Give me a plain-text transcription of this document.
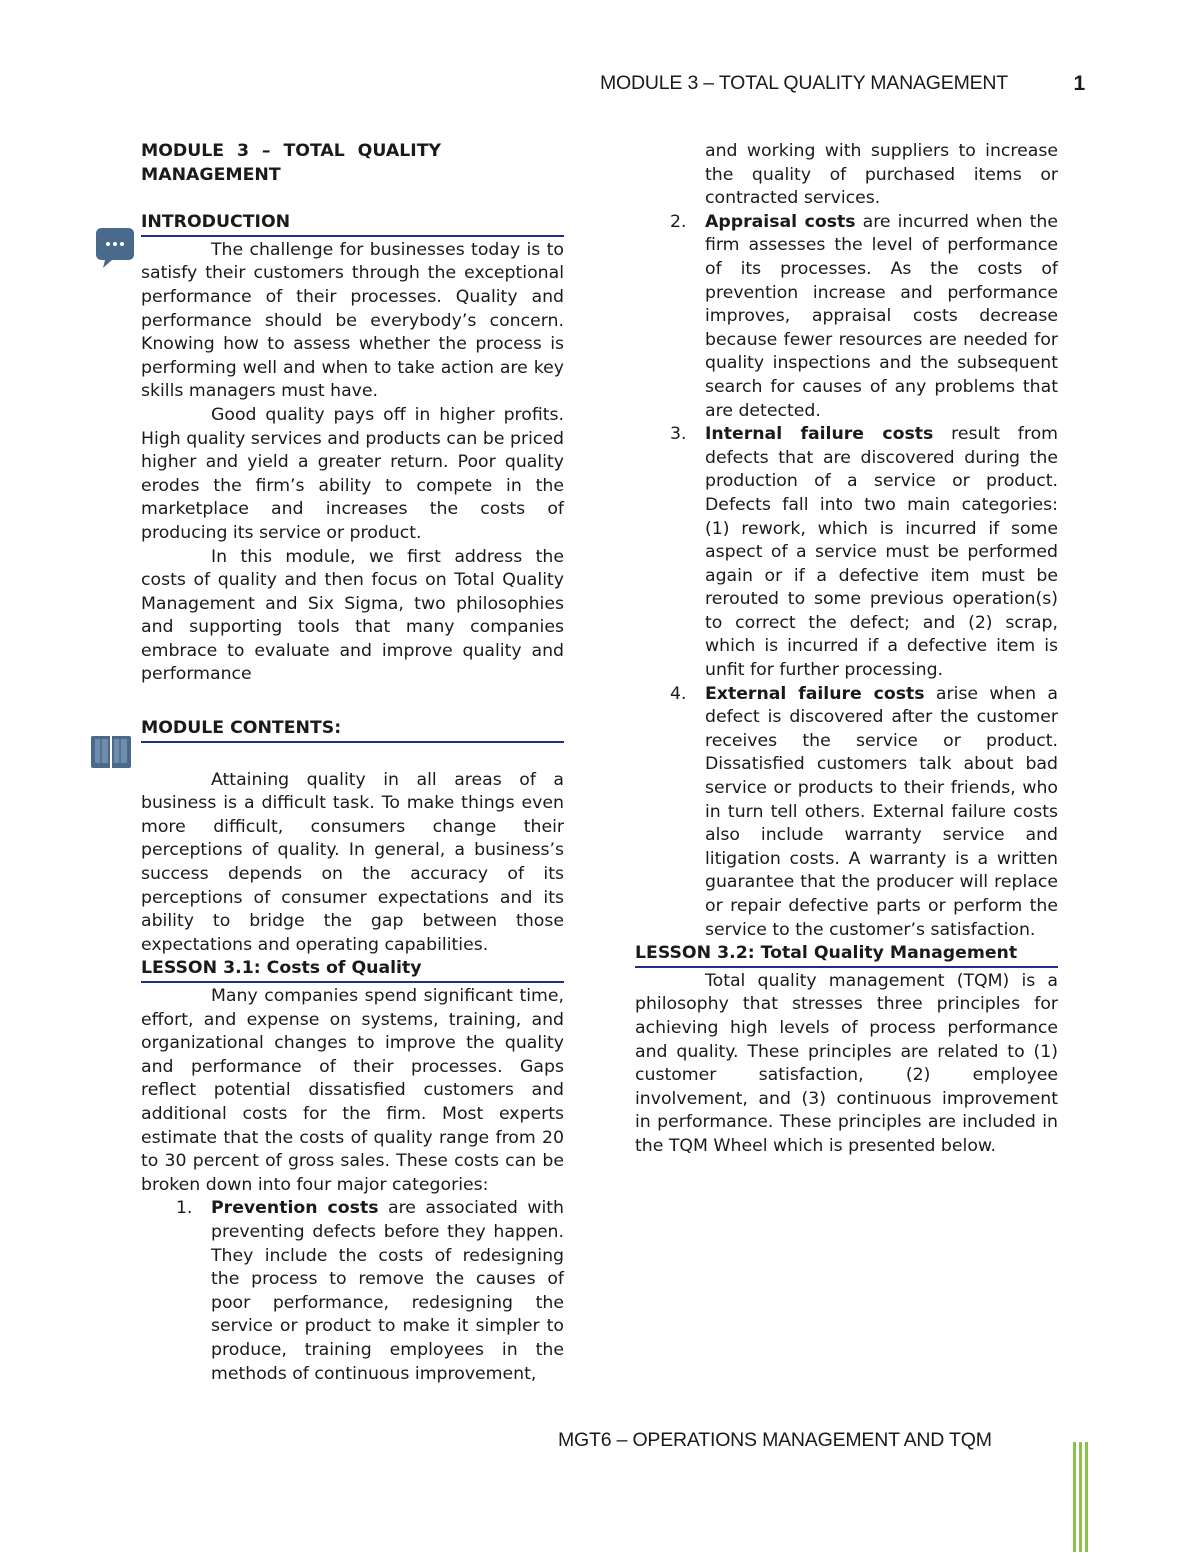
MODULE 3 – TOTAL QUALITY MANAGEMENT	1

MODULE 3 – TOTAL QUALITY MANAGEMENT

INTRODUCTION

The challenge for businesses today is to satisfy their customers through the exceptional performance of their processes. Quality and performance should be everybody’s concern. Knowing how to assess whether the process is performing well and when to take action are key skills managers must have.

Good quality pays off in higher profits. High quality services and products can be priced higher and yield a greater return. Poor quality erodes the firm’s ability to compete in the marketplace and increases the costs of producing its service or product.

In this module, we first address the costs of quality and then focus on Total Quality Management and Six Sigma, two philosophies and supporting tools that many companies embrace to evaluate and improve quality and performance

MODULE CONTENTS:

Attaining quality in all areas of a business is a difficult task. To make things even more difficult, consumers change their perceptions of quality. In general, a business’s success depends on the accuracy of its perceptions of consumer expectations and its ability to bridge the gap between those expectations and operating capabilities.

LESSON 3.1: Costs of Quality

Many companies spend significant time, effort, and expense on systems, training, and organizational changes to improve the quality and performance of their processes. Gaps reflect potential dissatisfied customers and additional costs for the firm. Most experts estimate that the costs of quality range from 20 to 30 percent of gross sales. These costs can be broken down into four major categories:

1. Prevention costs are associated with preventing defects before they happen. They include the costs of redesigning the process to remove the causes of poor performance, redesigning the service or product to make it simpler to produce, training employees in the methods of continuous improvement,
and working with suppliers to increase the quality of purchased items or contracted services.
2. Appraisal costs are incurred when the firm assesses the level of performance of its processes. As the costs of prevention increase and performance improves, appraisal costs decrease because fewer resources are needed for quality inspections and the subsequent search for causes of any problems that are detected.
3. Internal failure costs result from defects that are discovered during the production of a service or product. Defects fall into two main categories: (1) rework, which is incurred if some aspect of a service must be performed again or if a defective item must be rerouted to some previous operation(s) to correct the defect; and (2) scrap, which is incurred if a defective item is unfit for further processing.
4. External failure costs arise when a defect is discovered after the customer receives the service or product. Dissatisfied customers talk about bad service or products to their friends, who in turn tell others. External failure costs also include warranty service and litigation costs. A warranty is a written guarantee that the producer will replace or repair defective parts or perform the service to the customer’s satisfaction.
LESSON 3.2: Total Quality Management

Total quality management (TQM) is a philosophy that stresses three principles for achieving high levels of process performance and quality. These principles are related to (1) customer satisfaction, (2) employee involvement, and (3) continuous improvement in performance. These principles are included in the TQM Wheel which is presented below.

MGT6 – OPERATIONS MANAGEMENT AND TQM
